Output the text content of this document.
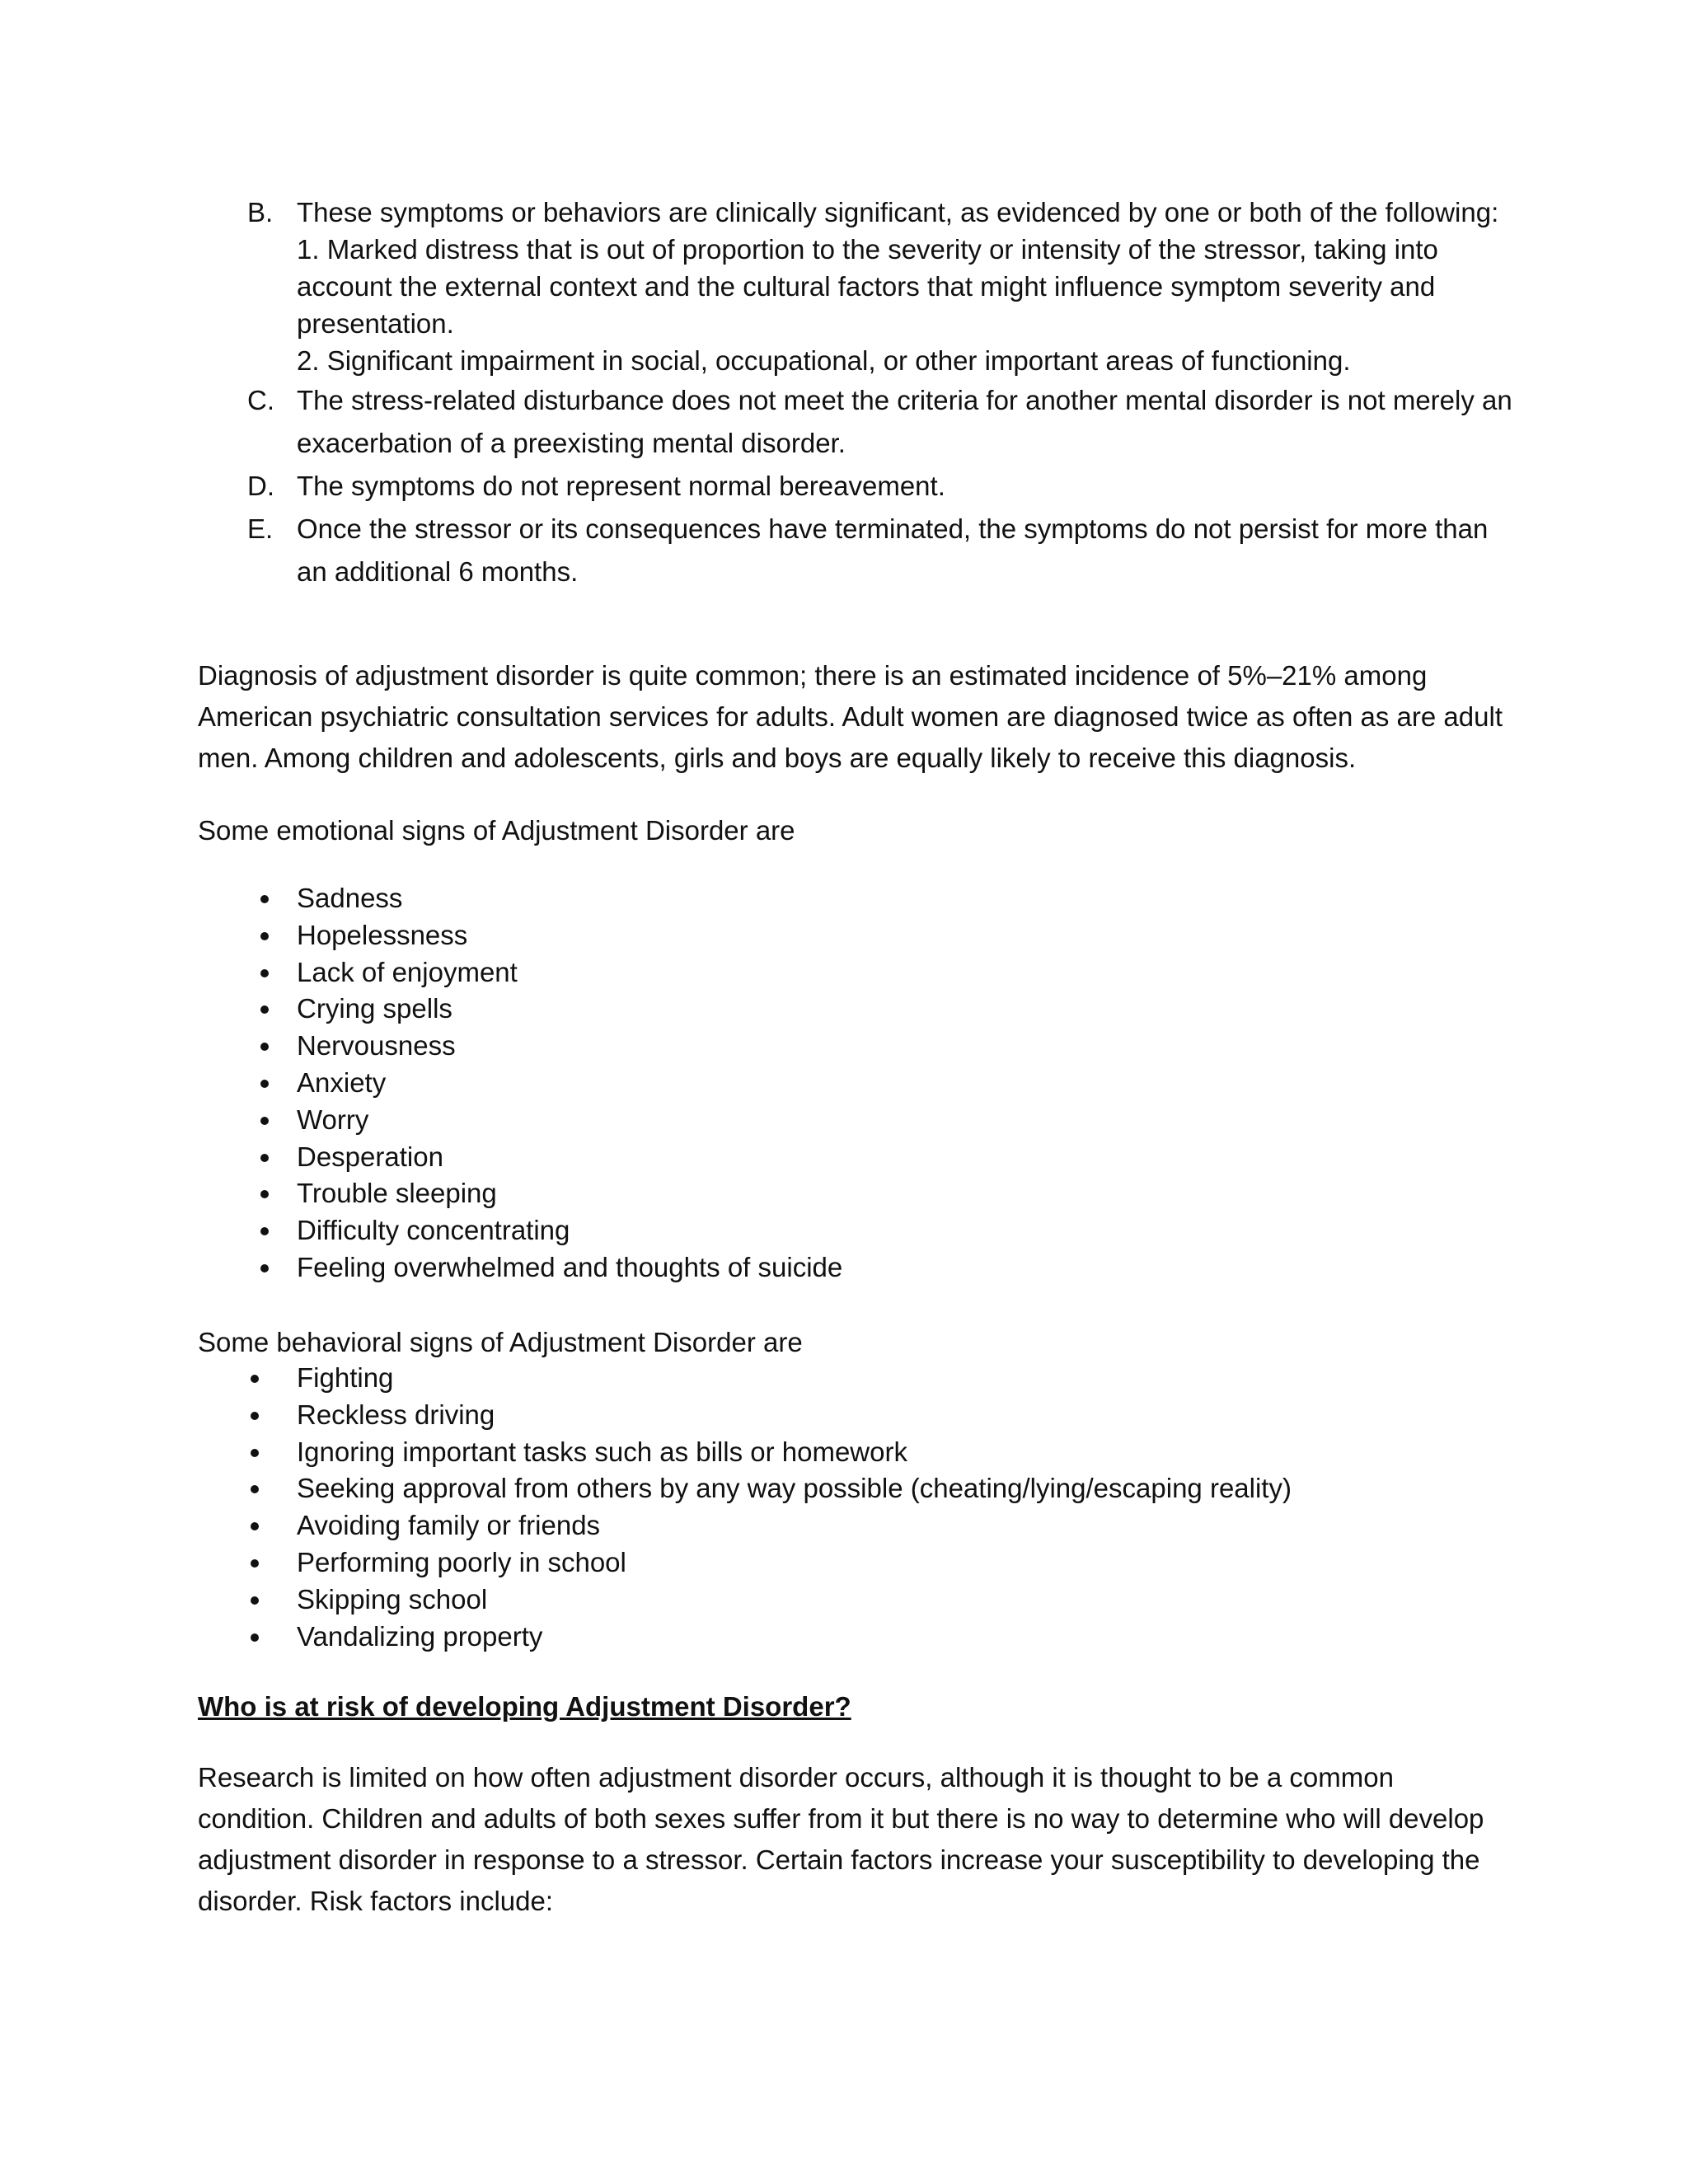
B. These symptoms or behaviors are clinically significant, as evidenced by one or both of the following:

1. Marked distress that is out of proportion to the severity or intensity of the stressor, taking into account the external context and the cultural factors that might influence symptom severity and presentation.

2. Significant impairment in social, occupational, or other important areas of functioning.

C. The stress-related disturbance does not meet the criteria for another mental disorder is not merely an exacerbation of a preexisting mental disorder.

D. The symptoms do not represent normal bereavement.

E. Once the stressor or its consequences have terminated, the symptoms do not persist for more than an additional 6 months.

Diagnosis of adjustment disorder is quite common; there is an estimated incidence of 5%–21% among American psychiatric consultation services for adults. Adult women are diagnosed twice as often as are adult men. Among children and adolescents, girls and boys are equally likely to receive this diagnosis.

Some emotional signs of Adjustment Disorder are

Sadness
Hopelessness
Lack of enjoyment
Crying spells
Nervousness
Anxiety
Worry
Desperation
Trouble sleeping
Difficulty concentrating
Feeling overwhelmed and thoughts of suicide

Some behavioral signs of Adjustment Disorder are

Fighting
Reckless driving
Ignoring important tasks such as bills or homework
Seeking approval from others by any way possible (cheating/lying/escaping reality)
Avoiding family or friends
Performing poorly in school
Skipping school
Vandalizing property

Who is at risk of developing Adjustment Disorder?

Research is limited on how often adjustment disorder occurs, although it is thought to be a common condition. Children and adults of both sexes suffer from it but there is no way to determine who will develop adjustment disorder in response to a stressor. Certain factors increase your susceptibility to developing the disorder. Risk factors include:
